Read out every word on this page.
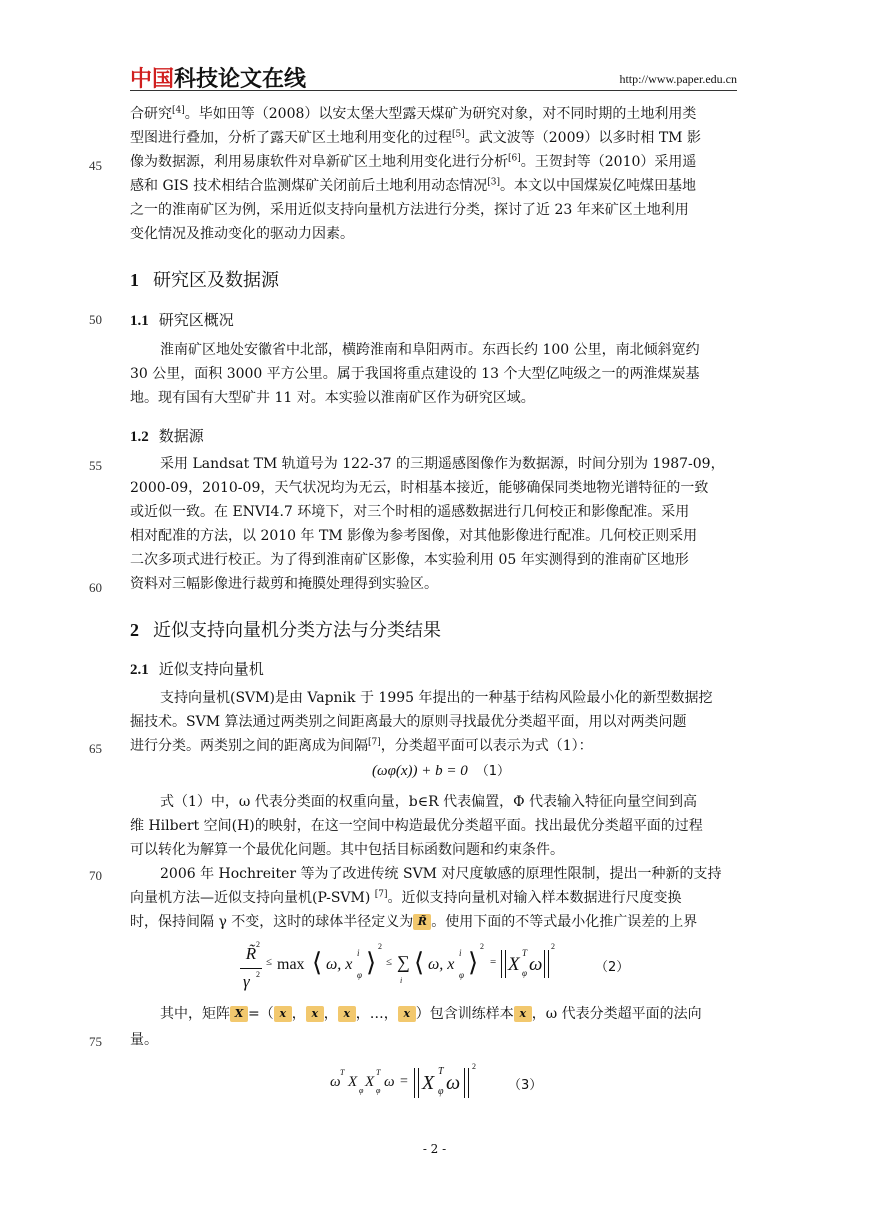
中国科技论文在线	http://www.paper.edu.cn
合研究[4]。毕如田等（2008）以安太堡大型露天煤矿为研究对象，对不同时期的土地利用类
型图进行叠加，分析了露天矿区土地利用变化的过程[5]。武文波等（2009）以多时相 TM 影
像为数据源，利用易康软件对阜新矿区土地利用变化进行分析[6]。王贺封等（2010）采用遥
感和 GIS 技术相结合监测煤矿关闭前后土地利用动态情况[3]。本文以中国煤炭亿吨煤田基地
之一的淮南矿区为例，采用近似支持向量机方法进行分类，探讨了近 23 年来矿区土地利用
变化情况及推动变化的驱动力因素。
45
1 研究区及数据源
50 1.1 研究区概况
淮南矿区地处安徽省中北部，横跨淮南和阜阳两市。东西长约 100 公里，南北倾斜宽约
30 公里，面积 3000 平方公里。属于我国将重点建设的 13 个大型亿吨级之一的两淮煤炭基
地。现有国有大型矿井 11 对。本实验以淮南矿区作为研究区域。
1.2 数据源
55	采用 Landsat TM 轨道号为 122-37 的三期遥感图像作为数据源，时间分别为 1987-09，
2000-09，2010-09，天气状况均为无云，时相基本接近，能够确保同类地物光谱特征的一致
或近似一致。在 ENVI4.7 环境下，对三个时相的遥感数据进行几何校正和影像配准。采用
相对配准的方法，以 2010 年 TM 影像为参考图像，对其他影像进行配准。几何校正则采用
二次多项式进行校正。为了得到淮南矿区影像，本实验利用 05 年实测得到的淮南矿区地形
资料对三幅影像进行裁剪和掩膜处理得到实验区。
60
2 近似支持向量机分类方法与分类结果
2.1 近似支持向量机
支持向量机(SVM)是由 Vapnik 于 1995 年提出的一种基于结构风险最小化的新型数据挖
掘技术。SVM 算法通过两类别之间距离最大的原则寻找最优分类超平面，用以对两类问题
进行分类。两类别之间的距离成为间隔[7]，分类超平面可以表示为式（1）：
65
(ωφ(x)) + b = 0 （1）
式（1）中，ω 代表分类面的权重向量，b∈R 代表偏置，Φ 代表输入特征向量空间到高
维 Hilbert 空间(H)的映射，在这一空间中构造最优分类超平面。找出最优分类超平面的过程
可以转化为解算一个最优化问题。其中包括目标函数问题和约束条件。
70	2006 年 Hochreiter 等为了改进传统 SVM 对尺度敏感的原理性限制，提出一种新的支持
向量机方法—近似支持向量机(P-SVM) [7]。近似支持向量机对输入样本数据进行尺度变换
时，保持间隔 γ 不变，这时的球体半径定义为 R̃ 。使用下面的不等式最小化推广误差的上界
R̃ 2
γ 2
≤ max ⟨ ω, x
i
φ ⟩
2
≤ ∑
i
⟨ ω, x
i
φ ⟩
2
= X
T
φ ω
2
（2）
其中，矩阵 X =（ x ， x ， x ，…， x ）包含训练样本 x ，ω 代表分类超平面的法向
量。
75
ω
T
X
φ
X
T
φ
ω = X
T
φ ω
2
（3）
- 2 -
